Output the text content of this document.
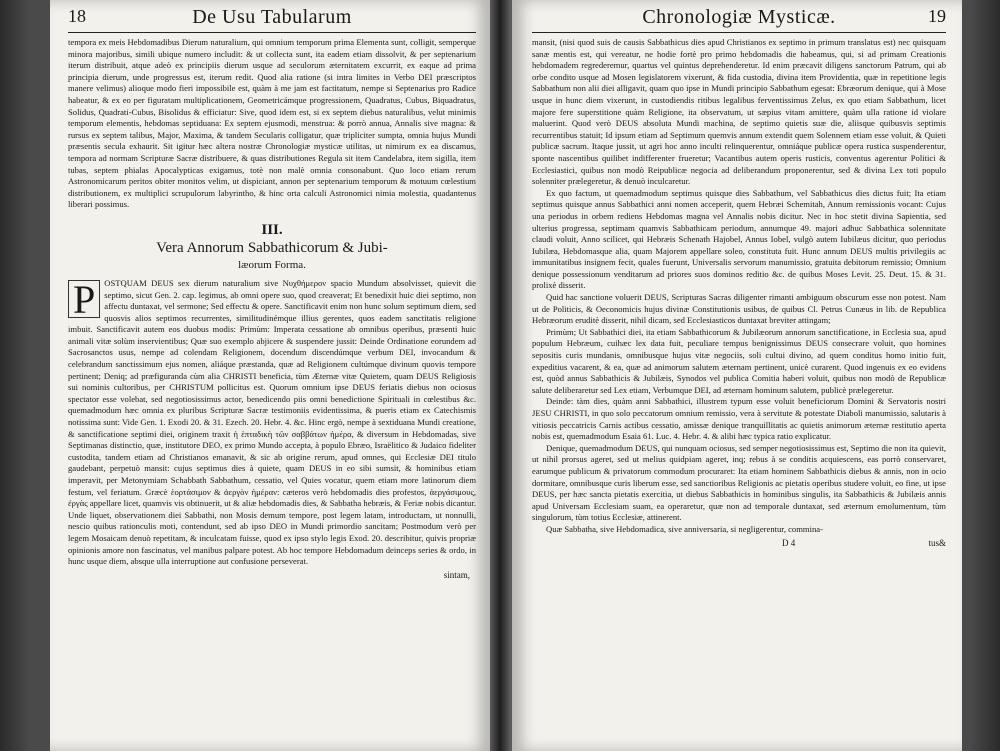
18	De Usu Tabularum

tempora ex meis Hebdomadibus Dierum naturalium, qui omnium temporum prima Elementa sunt, colligit, semperque minora majoribus, simili ubique numero includit: & ut collecta sunt, ita eadem etiam dissolvit, & per septenarium iterum distribuit, atque adeò ex principiis dierum usque ad seculorum æternitatem excurrit, ex eaque ad prima principia dierum, unde progressus est, iterum redit. Quod alia ratione (si intra limites in Verbo DEI præscriptos manere velimus) alioque modo fieri impossibile est, quàm à me jam est factitatum, nempe si Septenarius pro Radice habeatur, & ex eo per figuratam multiplicationem, Geometricámque progressionem, Quadratus, Cubus, Biquadratus, Solidus, Quadrati-Cubus, Bisolidus & efficiatur: Sive, quod idem est, si ex septem diebus naturalibus, velut minimis temporum elementis, hebdomas septiduana: Ex septem ejusmodi, menstrua: & porrò annua, Annalis sive magna: & rursus ex septem talibus, Major, Maxima, & tandem Secularis colligatur, quæ tripliciter sumpta, omnia hujus Mundi præsentis secula exhaurit. Sit igitur hæc altera nostræ Chronologiæ mysticæ utilitas, ut nimirum ex ea discamus, tempora ad normam Scripturæ Sacræ distribuere, & quas distributiones Regula sit item Candelabra, item sigilla, item tubas, septem phialas Apocalypticas exigamus, totè non malè omnia consonabunt. Quo loco etiam rerum Astronomicarum peritos obiter monitos velim, ut dispiciant, annon per septenarium temporum & motuum cœlestium distributionem, ex multiplici scrupulorum labyrintho, & hinc orta calculi Astronomici nimia molestia, quadantenus liberari possimus.

III.
Vera Annorum Sabbathicorum & Jubi-
læorum Forma.
P	OSTQUAM DEUS sex dierum naturalium sive Νυχθήμερον spacio Mundum absolvisset, quievit die septimo, sicut Gen. 2. cap. legimus, ab omni opere suo, quod creaverat; Et benedixit huic diei septimo, non affectu duntaxat, vel sermone; Sed effectu & opere. Sanctificavit enim non hunc solum septimum diem, sed quosvis alios septimos recurrentes, similitudinémque illius gerentes, quos eadem sanctitatis religione imbuit. Sanctificavit autem eos duobus modis: Primùm: Imperata cessatione ab omnibus operibus, præsenti huic animali vitæ solùm inservientibus; Quæ suo exemplo abjicere & suspendere jussit: Deinde Ordinatione eorundem ad Sacrosanctos usus, nempe ad colendam Religionem, docendum discendúmque verbum DEI, invocandum & celebrandum sanctissimum ejus nomen, aliáque præstanda, quæ ad Religionem cultúmque divinum quovis tempore pertinent; Deniq; ad præfigurandа cùm alia CHRISTI beneficia, tùm Æternæ vitæ Quietem, quam DEUS Religiosis sui nominis cultoribus, per CHRISTUM pollicitus est. Quorum omnium ipse DEUS feriatis diebus non ociosus spectator esse volebat, sed negotiosissimus actor, benedicendo piis omni benedictione Spirituali in cœlestibus &c. quemadmodum hæc omnia ex pluribus Scripturæ Sacræ testimoniis evidentissima, & pueris etiam ex Catechismis notissima sunt: Vide Gen. 1. Exodi 20. & 31. Ezech. 20. Hebr. 4. &c. Hinc ergò, nempe à sextiduana Mundi creatione, & sanctificatione septimi diei, originem traxit ἡ ἑπταδικὴ τῶν σαββάτων ἡμέρα, & diversum in Hebdomadas, sive Septimanas distinctio, quæ, institutore DEO, ex primo Mundo accepta, à populo Ebræo, Israëlitico & Judaico fideliter custodita, tandem etiam ad Christianos emanavit, & sic ab origine rerum, apud omnes, qui Ecclesiæ DEI titulo gaudebant, perpetuò mansit: cujus septimus dies à quiete, quam DEUS in eo sibi sumsit, & hominibus etiam imperavit, per Metonymiam Schabbath Sabbathum, cessatio, vel Quies vocatur, quem etiam more latinorum diem festum, vel feriatum. Græcè ἑορτάσιμον & ἀεργὸν ἡμέραν: cæteros verò hebdomadis dies profestos, ἀεργάσιμους, ἐργὰς appellare licet, quamvis vis obtinuerit, ut & aliæ hebdomadis dies, & Sabbatha hebræis, & Feriæ nobis dicantur. Unde liquet, observationem diei Sabbathi, non Mosis demum tempore, post legem latam, introductam, ut nonnulli, nescio quibus rationculis moti, contendunt, sed ab ipso DEO in Mundi primordio sancitam; Postmodum verò per legem Mosaicam denuò repetitam, & inculcatam fuisse, quod ex ipso stylo legis Exod. 20. describitur, quivis propriæ opinionis amore non fascinatus, vel manibus palpare potest. Ab hoc tempore Hebdomadum deinceps series & ordo, in hunc usque diem, absque ulla interruptione aut confusione perseverat.

sintam,
Chronologiæ Mysticæ.	19

mansit, (nisi quod suis de causis Sabbathicus dies apud Christianos ex septimo in primum translatus est) nec quisquam sanæ mentis est, qui vereatur, ne hodie fortè pro primo hebdomadis die habeamus, qui, si ad primam Creationis hebdomadem regrederemur, quartus vel quintus deprehenderetur. Id enim præcavit diligens sanctorum Patrum, qui ab orbe condito usque ad Mosen legislatorem vixerunt, & fida custodia, divina item Providentia, quæ in repetitione legis Sabbathum non alii diei alligavit, quam quo ipse in Mundi principio Sabbathum egesat: Ebræorum denique, qui à Mose usque in hunc diem vixerunt, in custodiendis ritibus legalibus ferventissimus Zelus, ex quo etiam Sabbathum, licet majore fere superstitione quàm Religione, ita observatum, ut sæpius vitam amittere, quàm ulla ratione id violare maluerint. Quod verò DEUS absoluta Mundi machina, de septimo quietis suæ die, aliisque quibusvis septimis recurrentibus statuit; Id ipsum etiam ad Septimum quemvis annum extendit quem Solennem etiam esse voluit, & Quieti publicæ sacrum. Itaque jussit, ut agri hoc anno inculti relinquerentur, omniáque publicæ opera rustica suspenderentur, sponte nascentibus quilibet indifferenter frueretur; Vacantibus autem operis rusticis, conventus agerentur Politici & Ecclesiastici, quibus non modò Reipublicæ negocia ad deliberandum proponerentur, sed & divina Lex toti populo solenniter prælegeretur, & denuò inculcaretur.

Ex quo factum, ut quemadmodum septimus quisque dies Sabbathum, vel Sabbathicus dies dictus fuit; Ita etiam septimus quisque annus Sabbathici anni nomen acceperit, quem Hebræi Schemitah, Annum remissionis vocant: Cujus una periodus in orbem rediens Hebdomas magna vel Annalis nobis dicitur. Nec in hoc stetit divina Sapientia, sed ulterius progressa, septimam quamvis Sabbathicam periodum, annumque 49. majori adhuc Sabbathica solennitate claudi voluit, Anno scilicet, qui Hebræis Schenath Hajobel, Annus Iobel, vulgò autem Iubilæus dicitur, quo periodus Iubilæa, Hebdomasque alia, quam Majorem appellare soleo, constituta fuit. Hunc annum DEUS multis privilegiis ac immunitatibus insignem fecit, quales fuerunt, Universalis servorum manumissio, gratuita debitorum remissio; Omnium denique possessionum venditarum ad priores suos dominos reditio &c. de quibus Moses Levit. 25. Deut. 15. & 31. prolixè disserit.

Quid hac sanctione voluerit DEUS, Scripturas Sacras diligenter rimanti ambiguum obscurum esse non potest. Nam ut de Politicis, & Oeconomicis hujus divinæ Constitutionis usibus, de quibus Cl. Petrus Cunæus in lib. de Republica Hebræorum eruditè disserit, nihil dicam, sed Ecclesiasticos duntaxat breviter attingam;

Primùm; Ut Sabbathici diei, ita etiam Sabbathicorum & Jubilæorum annorum sanctificatione, in Ecclesia sua, apud populum Hebræum, cuihæc lex data fuit, peculiare tempus benignissimus DEUS consecrare voluit, quo homines sepositis curis mundanis, omnibusque hujus vitæ negociis, soli cultui divino, ad quem conditus homo initio fuit, expeditius vacarent, & ea, quæ ad animorum salutem æternam pertinent, unicè curarent. Quod ingenuis ex eo evidens est, quòd annus Sabbathicis & Jubilæis, Synodos vel publica Comitia haberi voluit, quibus non modò de Republicæ salute deliberaretur sed Lex etiam, Verbumque DEI, ad æternam hominum salutem, publicè prælegeretur.

Deinde: tàm dies, quàm anni Sabbathici, illustrem typum esse voluit beneficiorum Domini & Servatoris nostri JESU CHRISTI, in quo solo peccatorum omnium remissio, vera à servitute & potestate Diaboli manumissio, salutaris à vitiosis peccatricis Carnis actibus cessatio, amissæ denique tranquillitatis ac quietis animorum æternæ restitutio aperta nobis est, quemadmodum Esaia 61. Luc. 4. Hebr. 4. & alibi hæc typica ratio explicatur.

Denique, quemadmodum DEUS, qui nunquam ociosus, sed semper negotiosissimus est, Septimo die non ita quievit, ut nihil prorsus ageret, sed ut melius quidpiam ageret, inq; rebus à se conditis acquiescens, eas porrò conservaret, earumque publicum & privatorum commodum procuraret: Ita etiam hominem Sabbathicis diebus & annis, non in ocio dormitare, omnibusque curis liberum esse, sed sanctioribus Religionis ac pietatis operibus studere voluit, eo fine, ut ipse DEUS, per hæc sancta pietatis exercitia, ut diebus Sabbathicis in hominibus singulis, ita Sabbathicis & Jubilæis annis apud Universam Ecclesiam suam, ea operaretur, quæ non ad temporale duntaxat, sed æternum emolumentum, tùm singulorum, tùm totius Ecclesiæ, attinerent.

Quæ Sabbatha, sive Hebdomadica, sive anniversaria, si negligerentur, commina-

D 4	tus&
